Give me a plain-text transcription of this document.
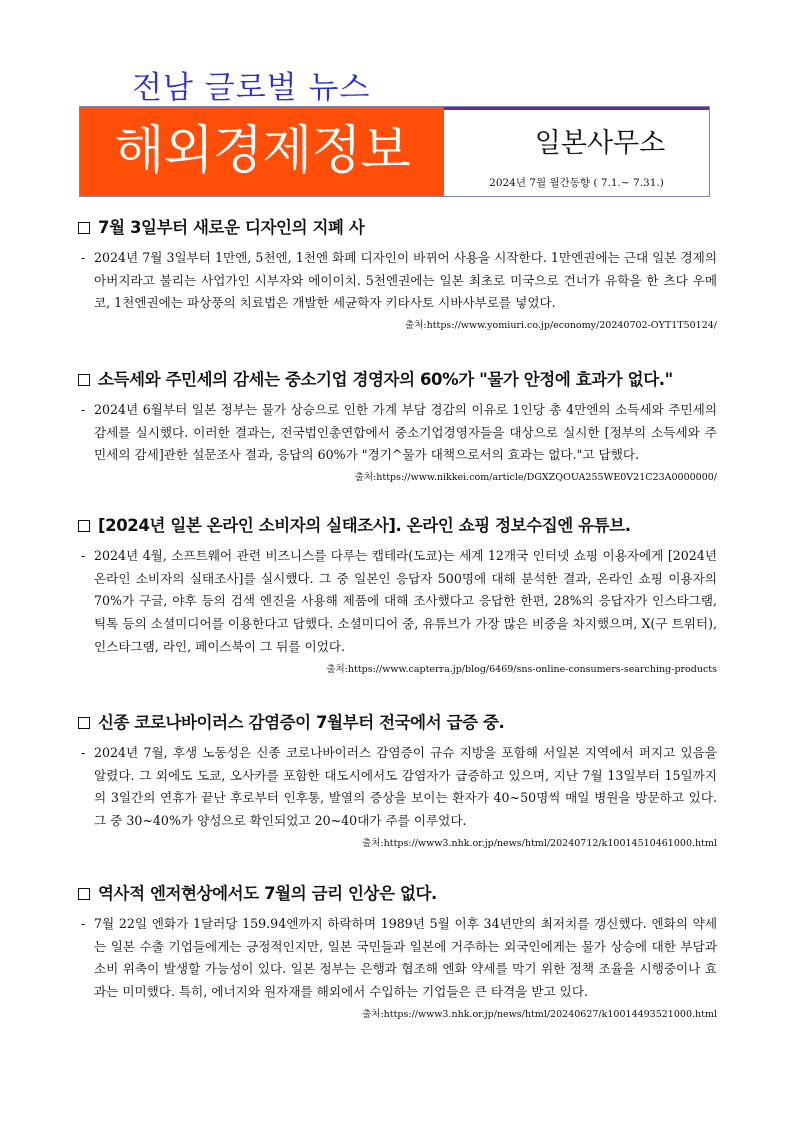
전남 글로벌 뉴스
해외경제정보	일본사무소
2024년 7월 월간동향 ( 7.1.~ 7.31.)
7월 3일부터 새로운 디자인의 지폐 사
- 2024년 7월 3일부터 1만엔, 5천엔, 1천엔 화폐 디자인이 바뀌어 사용을 시작한다. 1만엔권에는 근대 일본 경제의 아버지라고 불리는 사업가인 시부자와 에이이치. 5천엔권에는 일본 최초로 미국으로 건너가 유학을 한 츠다 우메코, 1천엔권에는 파상풍의 치료법은 개발한 세균학자 키타사토 시바사부로를 넣었다.
출처:https://www.yomiuri.co.jp/economy/20240702-OYT1T50124/
소득세와 주민세의 감세는 중소기업 경영자의 60%가 "물가 안정에 효과가 없다."
- 2024년 6월부터 일본 정부는 물가 상승으로 인한 가계 부담 경감의 이유로 1인당 총 4만엔의 소득세와 주민세의 감세를 실시했다. 이러한 결과는, 전국법인총연합에서 중소기업경영자들을 대상으로 실시한 [정부의 소득세와 주민세의 감세]관한 설문조사 결과, 응답의 60%가 "경기^물가 대책으로서의 효과는 없다."고 답했다.
출처:https://www.nikkei.com/article/DGXZQOUA255WE0V21C23A0000000/
[2024년 일본 온라인 소비자의 실태조사]. 온라인 쇼핑 정보수집엔 유튜브.
- 2024년 4월, 소프트웨어 관련 비즈니스를 다루는 캡테라(도쿄)는 세계 12개국 인터넷 쇼핑 이용자에게 [2024년 온라인 소비자의 실태조사]를 실시했다. 그 중 일본인 응답자 500명에 대해 분석한 결과, 온라인 쇼핑 이용자의 70%가 구글, 야후 등의 검색 엔진을 사용해 제품에 대해 조사했다고 응답한 한편, 28%의 응답자가 인스타그램, 틱톡 등의 소셜미디어를 이용한다고 답했다. 소셜미디어 중, 유튜브가 가장 많은 비중을 차지했으며, X(구 트위터), 인스타그램, 라인, 페이스북이 그 뒤를 이었다.
출처:https://www.capterra.jp/blog/6469/sns-online-consumers-searching-products
신종 코로나바이러스 감염증이 7월부터 전국에서 급증 중.
- 2024년 7월, 후생 노동성은 신종 코로나바이러스 감염증이 규슈 지방을 포함해 서일본 지역에서 퍼지고 있음을 알렸다. 그 외에도 도쿄, 오사카를 포함한 대도시에서도 감염자가 급증하고 있으며, 지난 7월 13일부터 15일까지의 3일간의 연휴가 끝난 후로부터 인후통, 발열의 증상을 보이는 환자가 40~50명씩 매일 병원을 방문하고 있다. 그 중 30~40%가 양성으로 확인되었고 20~40대가 주를 이루었다.
출처:https://www3.nhk.or.jp/news/html/20240712/k10014510461000.html
역사적 엔저현상에서도 7월의 금리 인상은 없다.
- 7월 22일 엔화가 1달러당 159.94엔까지 하락하며 1989년 5월 이후 34년만의 최저치를 갱신했다. 엔화의 약세는 일본 수출 기업들에게는 긍정적인지만, 일본 국민들과 일본에 거주하는 외국인에게는 물가 상승에 대한 부담과 소비 위축이 발생할 가능성이 있다. 일본 정부는 은행과 협조해 엔화 약세를 막기 위한 정책 조율을 시행중이나 효과는 미미했다. 특히, 에너지와 원자재를 해외에서 수입하는 기업들은 큰 타격을 받고 있다.
출처:https://www3.nhk.or.jp/news/html/20240627/k10014493521000.html
